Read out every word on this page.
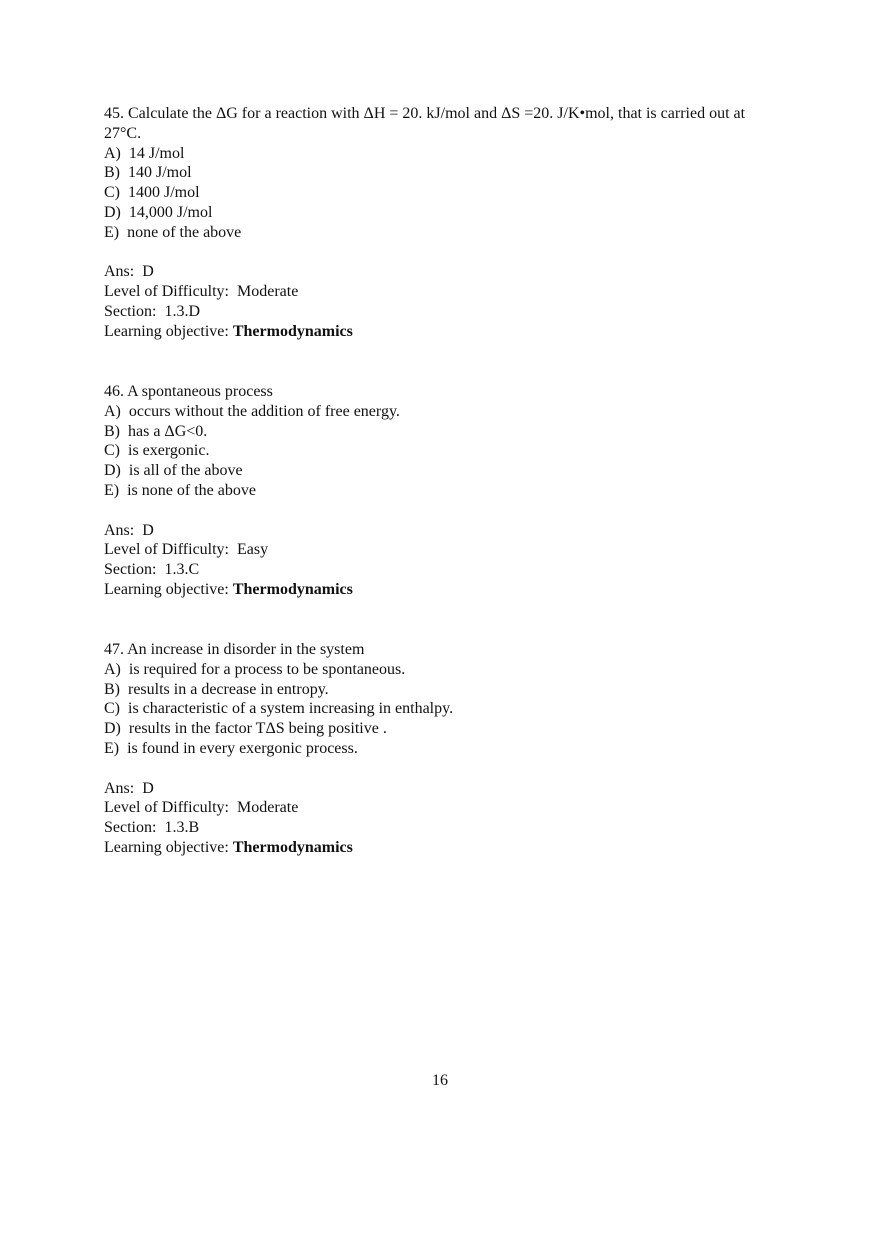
45. Calculate the ΔG for a reaction with ΔH = 20. kJ/mol and ΔS =20. J/K•mol, that is carried out at 27°C.

A)  14 J/mol

B)  140 J/mol

C)  1400 J/mol

D)  14,000 J/mol

E)  none of the above

Ans:  D

Level of Difficulty:  Moderate

Section:  1.3.D

Learning objective: Thermodynamics

46. A spontaneous process

A)  occurs without the addition of free energy.

B)  has a ΔG<0.

C)  is exergonic.

D)  is all of the above

E)  is none of the above

Ans:  D

Level of Difficulty:  Easy

Section:  1.3.C

Learning objective: Thermodynamics

47. An increase in disorder in the system

A)  is required for a process to be spontaneous.

B)  results in a decrease in entropy.

C)  is characteristic of a system increasing in enthalpy.

D)  results in the factor TΔS being positive .

E)  is found in every exergonic process.

Ans:  D

Level of Difficulty:  Moderate

Section:  1.3.B

Learning objective: Thermodynamics

16
